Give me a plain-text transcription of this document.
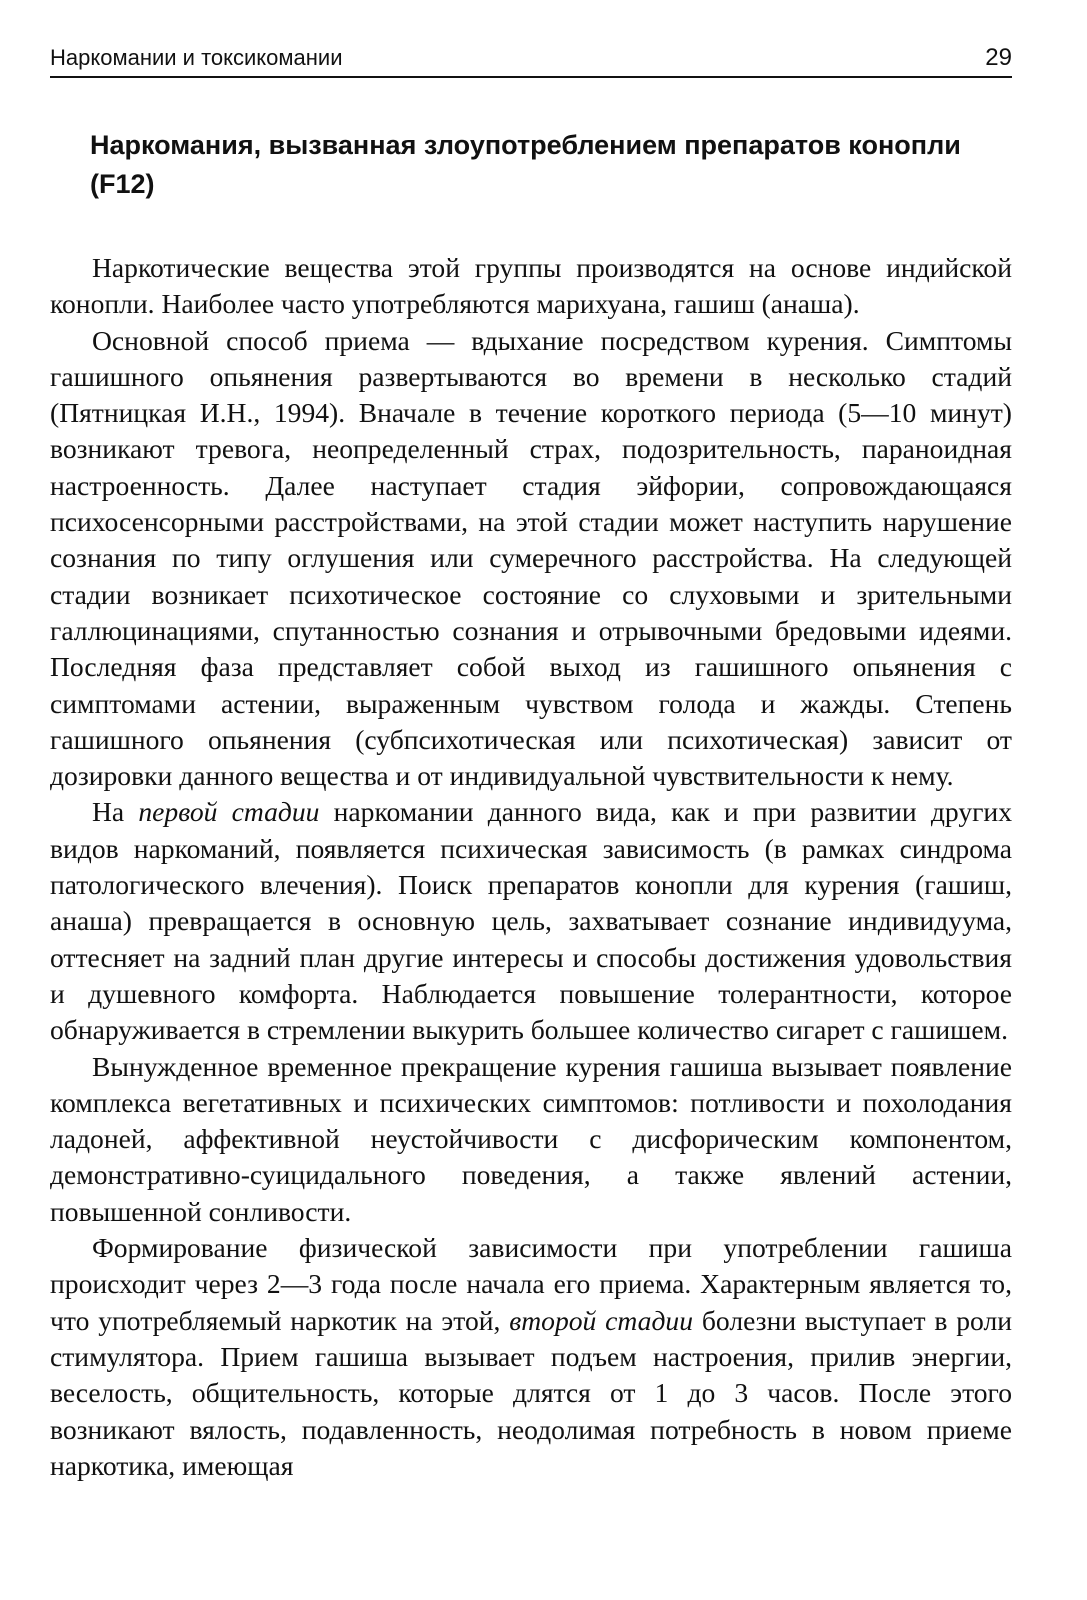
Наркомании и токсикомании	29
Наркомания, вызванная злоупотреблением препаратов конопли (F12)

Наркотические вещества этой группы производятся на основе индийской конопли. Наиболее часто употребляются марихуана, гашиш (анаша).

Основной способ приема — вдыхание посредством курения. Симптомы гашишного опьянения развертываются во времени в несколько стадий (Пятницкая И.Н., 1994). Вначале в течение короткого периода (5—10 минут) возникают тревога, неопределенный страх, подозрительность, параноидная настроенность. Далее наступает стадия эйфории, сопровождающаяся психосенсорными расстройствами, на этой стадии может наступить нарушение сознания по типу оглушения или сумеречного расстройства. На следующей стадии возникает психотическое состояние со слуховыми и зрительными галлюцинациями, спутанностью сознания и отрывочными бредовыми идеями. Последняя фаза представляет собой выход из гашишного опьянения с симптомами астении, выраженным чувством голода и жажды. Степень гашишного опьянения (субпсихотическая или психотическая) зависит от дозировки данного вещества и от индивидуальной чувствительности к нему.

На первой стадии наркомании данного вида, как и при развитии других видов наркоманий, появляется психическая зависимость (в рамках синдрома патологического влечения). Поиск препаратов конопли для курения (гашиш, анаша) превращается в основную цель, захватывает сознание индивидуума, оттесняет на задний план другие интересы и способы достижения удовольствия и душевного комфорта. Наблюдается повышение толерантности, которое обнаруживается в стремлении выкурить большее количество сигарет с гашишем.

Вынужденное временное прекращение курения гашиша вызывает появление комплекса вегетативных и психических симптомов: потливости и похолодания ладоней, аффективной неустойчивости с дисфорическим компонентом, демонстративно-суицидального поведения, а также явлений астении, повышенной сонливости.

Формирование физической зависимости при употреблении гашиша происходит через 2—3 года после начала его приема. Характерным является то, что употребляемый наркотик на этой, второй стадии болезни выступает в роли стимулятора. Прием гашиша вызывает подъем настроения, прилив энергии, веселость, общительность, которые длятся от 1 до 3 часов. После этого возникают вялость, подавленность, неодолимая потребность в новом приеме наркотика, имеющая
